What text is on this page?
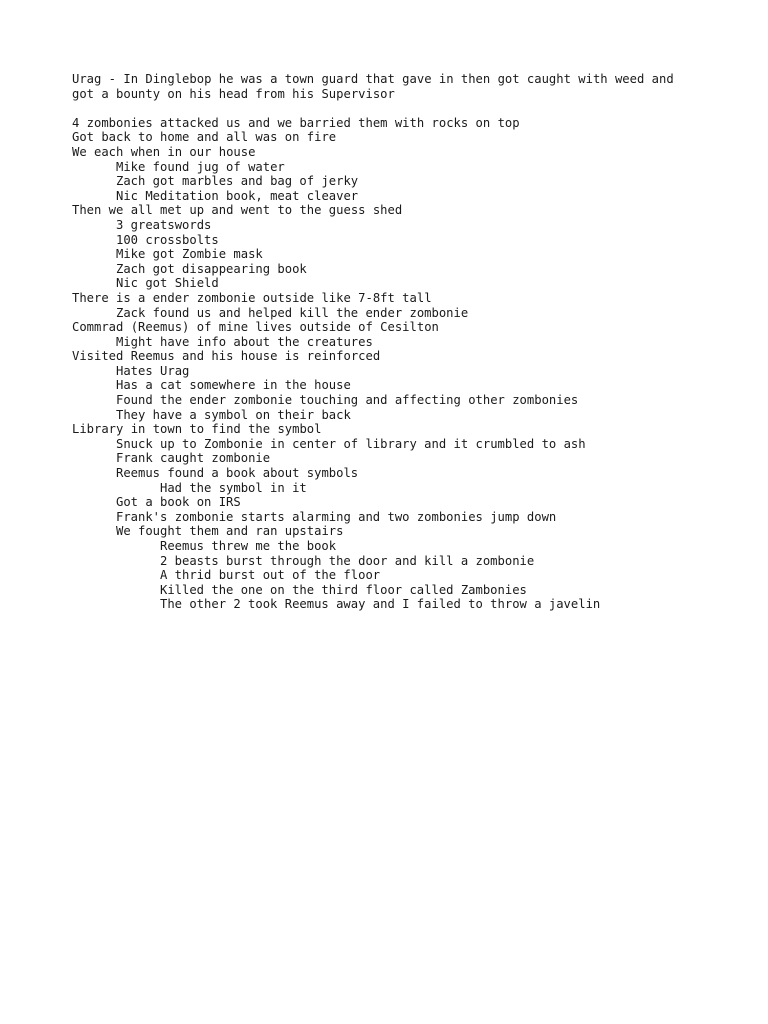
Urag - In Dinglebop he was a town guard that gave in then got caught with weed and
got a bounty on his head from his Supervisor
4 zombonies attacked us and we barried them with rocks on top
Got back to home and all was on fire
We each when in our house
Mike found jug of water
Zach got marbles and bag of jerky
Nic Meditation book, meat cleaver
Then we all met up and went to the guess shed
3 greatswords
100 crossbolts
Mike got Zombie mask
Zach got disappearing book
Nic got Shield
There is a ender zombonie outside like 7-8ft tall
Zack found us and helped kill the ender zombonie
Commrad (Reemus) of mine lives outside of Cesilton
Might have info about the creatures
Visited Reemus and his house is reinforced
Hates Urag
Has a cat somewhere in the house
Found the ender zombonie touching and affecting other zombonies
They have a symbol on their back
Library in town to find the symbol
Snuck up to Zombonie in center of library and it crumbled to ash
Frank caught zombonie
Reemus found a book about symbols
Had the symbol in it
Got a book on IRS
Frank's zombonie starts alarming and two zombonies jump down
We fought them and ran upstairs
Reemus threw me the book
2 beasts burst through the door and kill a zombonie
A thrid burst out of the floor
Killed the one on the third floor called Zambonies
The other 2 took Reemus away and I failed to throw a javelin
